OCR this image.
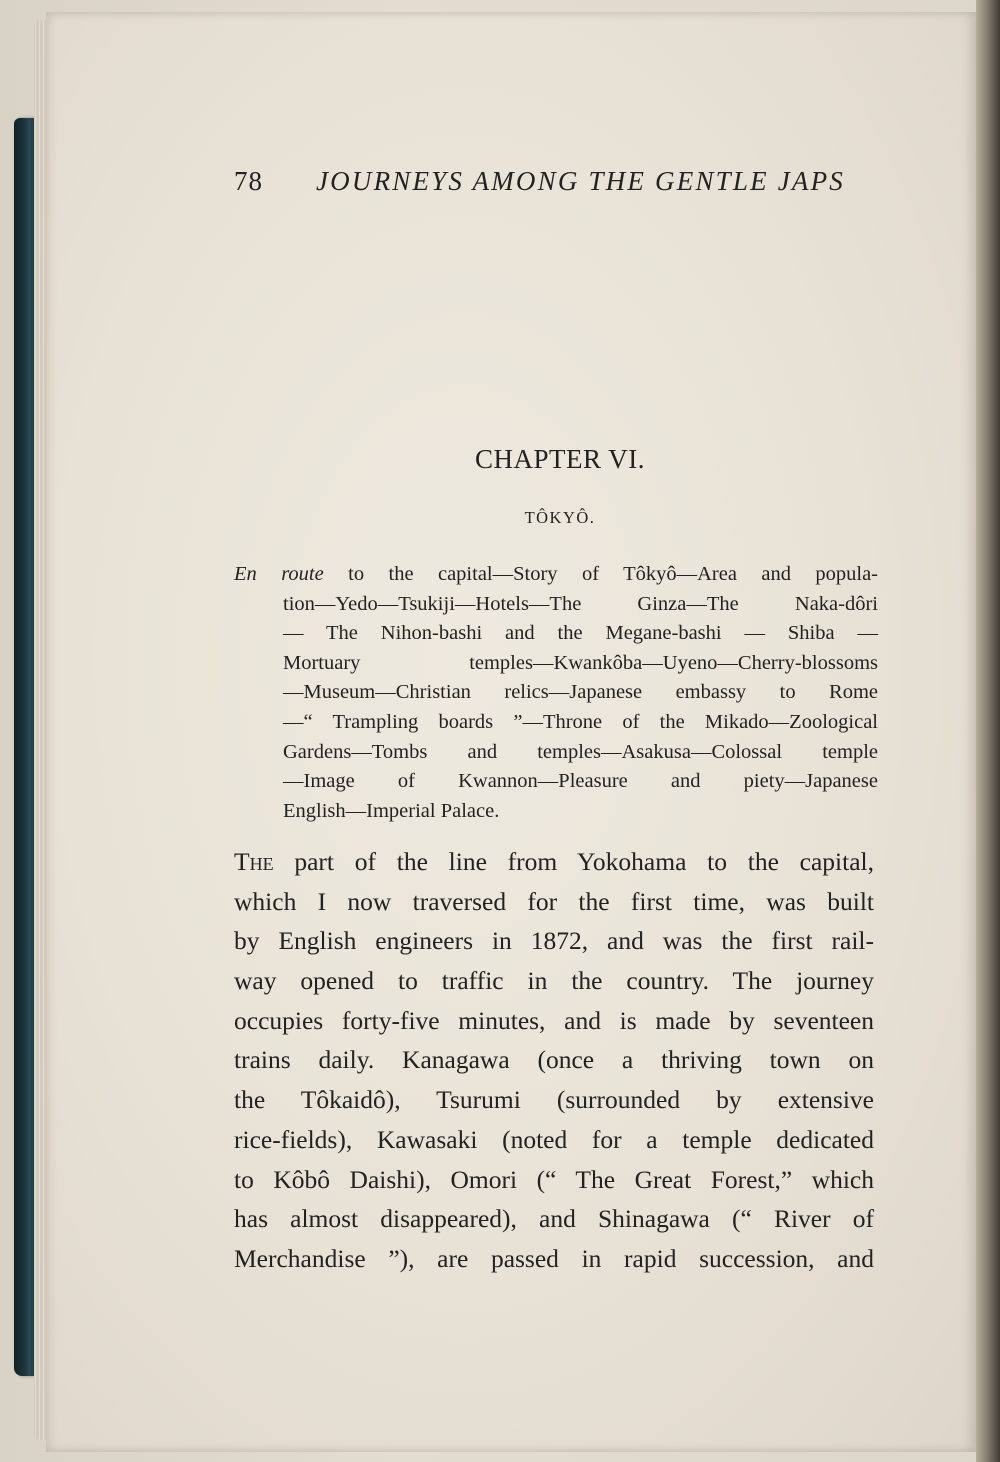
78 JOURNEYS AMONG THE GENTLE JAPS
CHAPTER VI.
TÔKYÔ.
En route to the capital—Story of Tôkyô—Area and popula-
tion—Yedo—Tsukiji—Hotels—The Ginza—The Naka-dôri
— The Nihon-bashi and the Megane-bashi — Shiba —
Mortuary temples—Kwankôba—Uyeno—Cherry-blossoms
—Museum—Christian relics—Japanese embassy to Rome
—“ Trampling boards ”—Throne of the Mikado—Zoological
Gardens—Tombs and temples—Asakusa—Colossal temple
—Image of Kwannon—Pleasure and piety—Japanese
English—Imperial Palace.
The part of the line from Yokohama to the capital,
which I now traversed for the first time, was built
by English engineers in 1872, and was the first rail-
way opened to traffic in the country. The journey
occupies forty-five minutes, and is made by seventeen
trains daily. Kanagawa (once a thriving town on
the Tôkaidô), Tsurumi (surrounded by extensive
rice-fields), Kawasaki (noted for a temple dedicated
to Kôbô Daishi), Omori (“ The Great Forest,” which
has almost disappeared), and Shinagawa (“ River of
Merchandise ”), are passed in rapid succession, and
